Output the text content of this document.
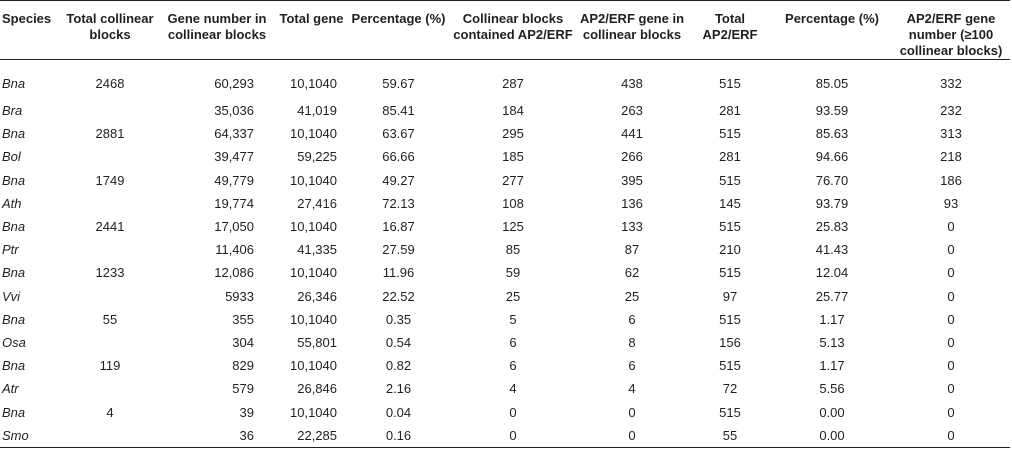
Species	Total collinear blocks	Gene number in collinear blocks	Total gene	Percentage (%)	Collinear blocks contained AP2/ERF	AP2/ERF gene in collinear blocks	Total AP2/ERF	Percentage (%)	AP2/ERF gene number (≥100 collinear blocks)
Bna	2468	60,293	10,1040	59.67	287	438	515	85.05	332
Bra		35,036	41,019	85.41	184	263	281	93.59	232
Bna	2881	64,337	10,1040	63.67	295	441	515	85.63	313
Bol		39,477	59,225	66.66	185	266	281	94.66	218
Bna	1749	49,779	10,1040	49.27	277	395	515	76.70	186
Ath		19,774	27,416	72.13	108	136	145	93.79	93
Bna	2441	17,050	10,1040	16.87	125	133	515	25.83	0
Ptr		11,406	41,335	27.59	85	87	210	41.43	0
Bna	1233	12,086	10,1040	11.96	59	62	515	12.04	0
Vvi		5933	26,346	22.52	25	25	97	25.77	0
Bna	55	355	10,1040	0.35	5	6	515	1.17	0
Osa		304	55,801	0.54	6	8	156	5.13	0
Bna	119	829	10,1040	0.82	6	6	515	1.17	0
Atr		579	26,846	2.16	4	4	72	5.56	0
Bna	4	39	10,1040	0.04	0	0	515	0.00	0
Smo		36	22,285	0.16	0	0	55	0.00	0
